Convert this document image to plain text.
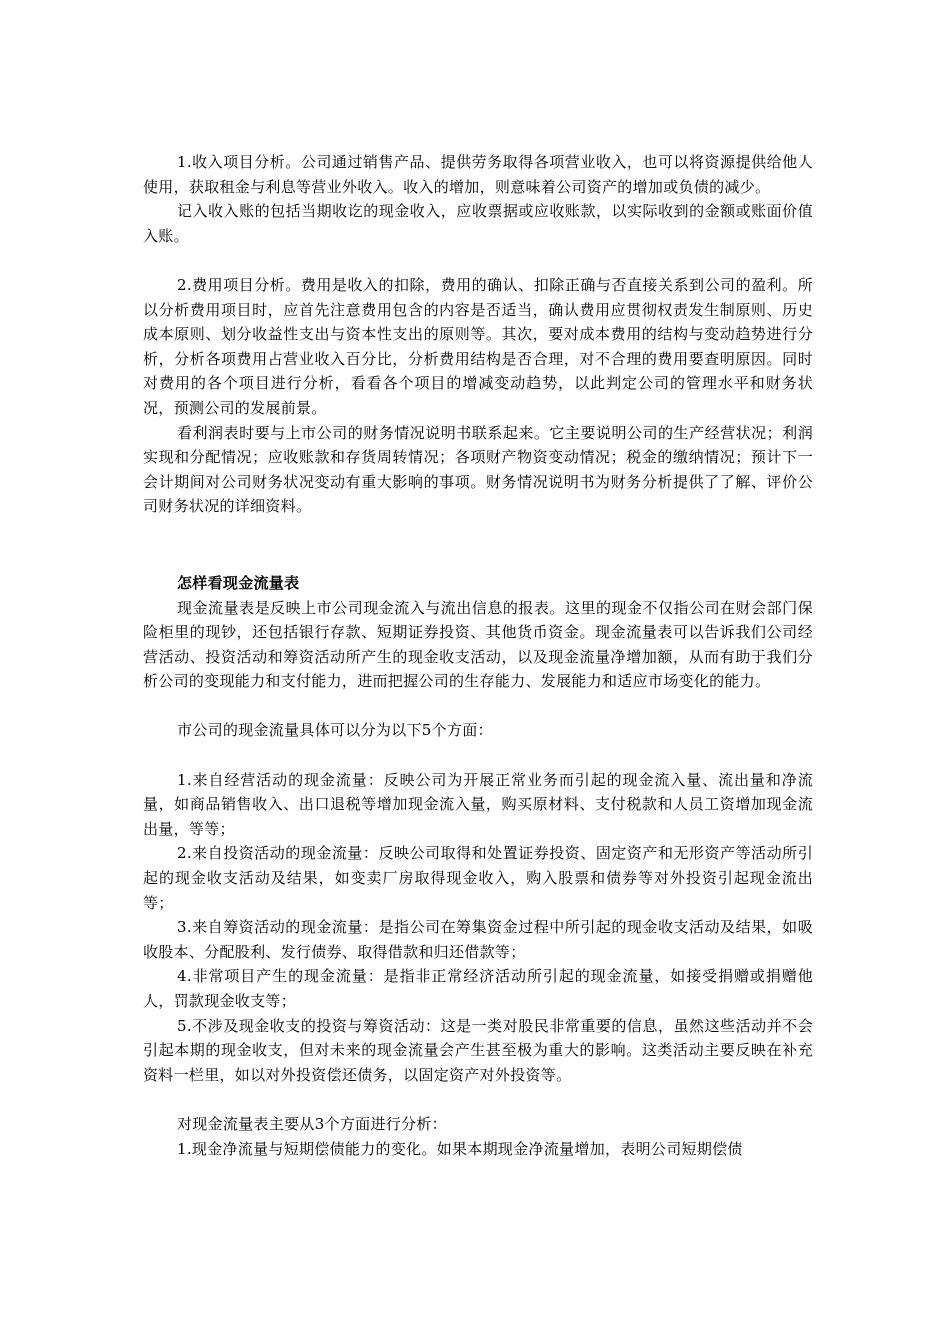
1.收入项目分析。公司通过销售产品、提供劳务取得各项营业收入，也可以将资源提供给他人使用，获取租金与利息等营业外收入。收入的增加，则意味着公司资产的增加或负债的减少。

记入收入账的包括当期收讫的现金收入，应收票据或应收账款，以实际收到的金额或账面价值入账。

2.费用项目分析。费用是收入的扣除，费用的确认、扣除正确与否直接关系到公司的盈利。所以分析费用项目时，应首先注意费用包含的内容是否适当，确认费用应贯彻权责发生制原则、历史成本原则、划分收益性支出与资本性支出的原则等。其次，要对成本费用的结构与变动趋势进行分析，分析各项费用占营业收入百分比，分析费用结构是否合理，对不合理的费用要查明原因。同时对费用的各个项目进行分析，看看各个项目的增减变动趋势，以此判定公司的管理水平和财务状况，预测公司的发展前景。

看利润表时要与上市公司的财务情况说明书联系起来。它主要说明公司的生产经营状况；利润实现和分配情况；应收账款和存货周转情况；各项财产物资变动情况；税金的缴纳情况；预计下一会计期间对公司财务状况变动有重大影响的事项。财务情况说明书为财务分析提供了了解、评价公司财务状况的详细资料。

怎样看现金流量表

现金流量表是反映上市公司现金流入与流出信息的报表。这里的现金不仅指公司在财会部门保险柜里的现钞，还包括银行存款、短期证券投资、其他货币资金。现金流量表可以告诉我们公司经营活动、投资活动和筹资活动所产生的现金收支活动，以及现金流量净增加额，从而有助于我们分析公司的变现能力和支付能力，进而把握公司的生存能力、发展能力和适应市场变化的能力。

市公司的现金流量具体可以分为以下5个方面：

1.来自经营活动的现金流量：反映公司为开展正常业务而引起的现金流入量、流出量和净流量，如商品销售收入、出口退税等增加现金流入量，购买原材料、支付税款和人员工资增加现金流出量，等等；

2.来自投资活动的现金流量：反映公司取得和处置证券投资、固定资产和无形资产等活动所引起的现金收支活动及结果，如变卖厂房取得现金收入，购入股票和债券等对外投资引起现金流出等；

3.来自筹资活动的现金流量：是指公司在筹集资金过程中所引起的现金收支活动及结果，如吸收股本、分配股利、发行债券、取得借款和归还借款等；

4.非常项目产生的现金流量：是指非正常经济活动所引起的现金流量，如接受捐赠或捐赠他人，罚款现金收支等；

5.不涉及现金收支的投资与筹资活动：这是一类对股民非常重要的信息，虽然这些活动并不会引起本期的现金收支，但对未来的现金流量会产生甚至极为重大的影响。这类活动主要反映在补充资料一栏里，如以对外投资偿还债务，以固定资产对外投资等。

对现金流量表主要从3个方面进行分析：

1.现金净流量与短期偿债能力的变化。如果本期现金净流量增加，表明公司短期偿债
